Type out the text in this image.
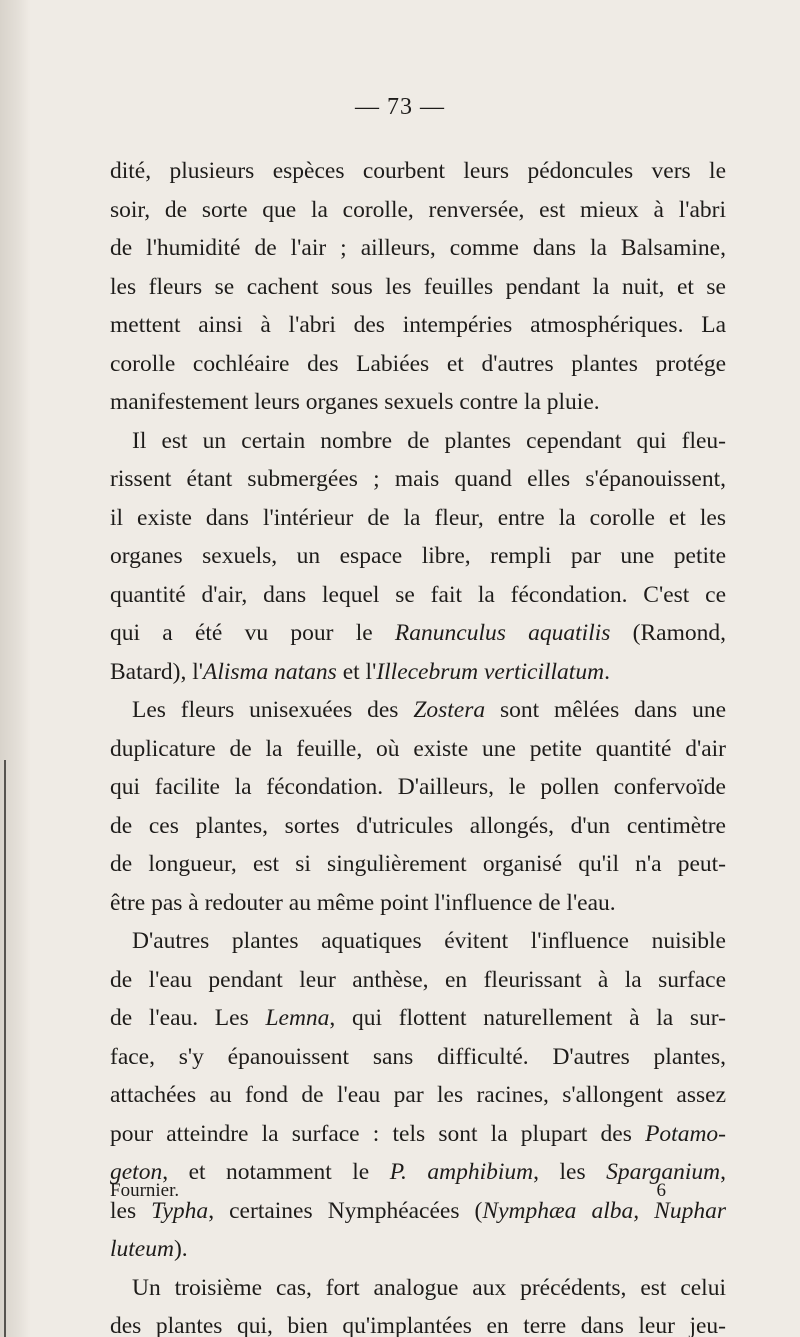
— 73 —
dité, plusieurs espèces courbent leurs pédoncules vers le
soir, de sorte que la corolle, renversée, est mieux à l'abri
de l'humidité de l'air ; ailleurs, comme dans la Balsamine,
les fleurs se cachent sous les feuilles pendant la nuit, et se
mettent ainsi à l'abri des intempéries atmosphériques. La
corolle cochléaire des Labiées et d'autres plantes protége
manifestement leurs organes sexuels contre la pluie.
Il est un certain nombre de plantes cependant qui fleu-
rissent étant submergées ; mais quand elles s'épanouissent,
il existe dans l'intérieur de la fleur, entre la corolle et les
organes sexuels, un espace libre, rempli par une petite
quantité d'air, dans lequel se fait la fécondation. C'est ce
qui a été vu pour le Ranunculus aquatilis (Ramond,
Batard), l'Alisma natans et l'Illecebrum verticillatum.
Les fleurs unisexuées des Zostera sont mêlées dans une
duplicature de la feuille, où existe une petite quantité d'air
qui facilite la fécondation. D'ailleurs, le pollen confervoïde
de ces plantes, sortes d'utricules allongés, d'un centimètre
de longueur, est si singulièrement organisé qu'il n'a peut-
être pas à redouter au même point l'influence de l'eau.
D'autres plantes aquatiques évitent l'influence nuisible
de l'eau pendant leur anthèse, en fleurissant à la surface
de l'eau. Les Lemna, qui flottent naturellement à la sur-
face, s'y épanouissent sans difficulté. D'autres plantes,
attachées au fond de l'eau par les racines, s'allongent assez
pour atteindre la surface : tels sont la plupart des Potamo-
geton, et notamment le P. amphibium, les Sparganium,
les Typha, certaines Nymphéacées (Nymphæa alba, Nuphar
luteum).
Un troisième cas, fort analogue aux précédents, est celui
des plantes qui, bien qu'implantées en terre dans leur jeu-
Fournier.	6
